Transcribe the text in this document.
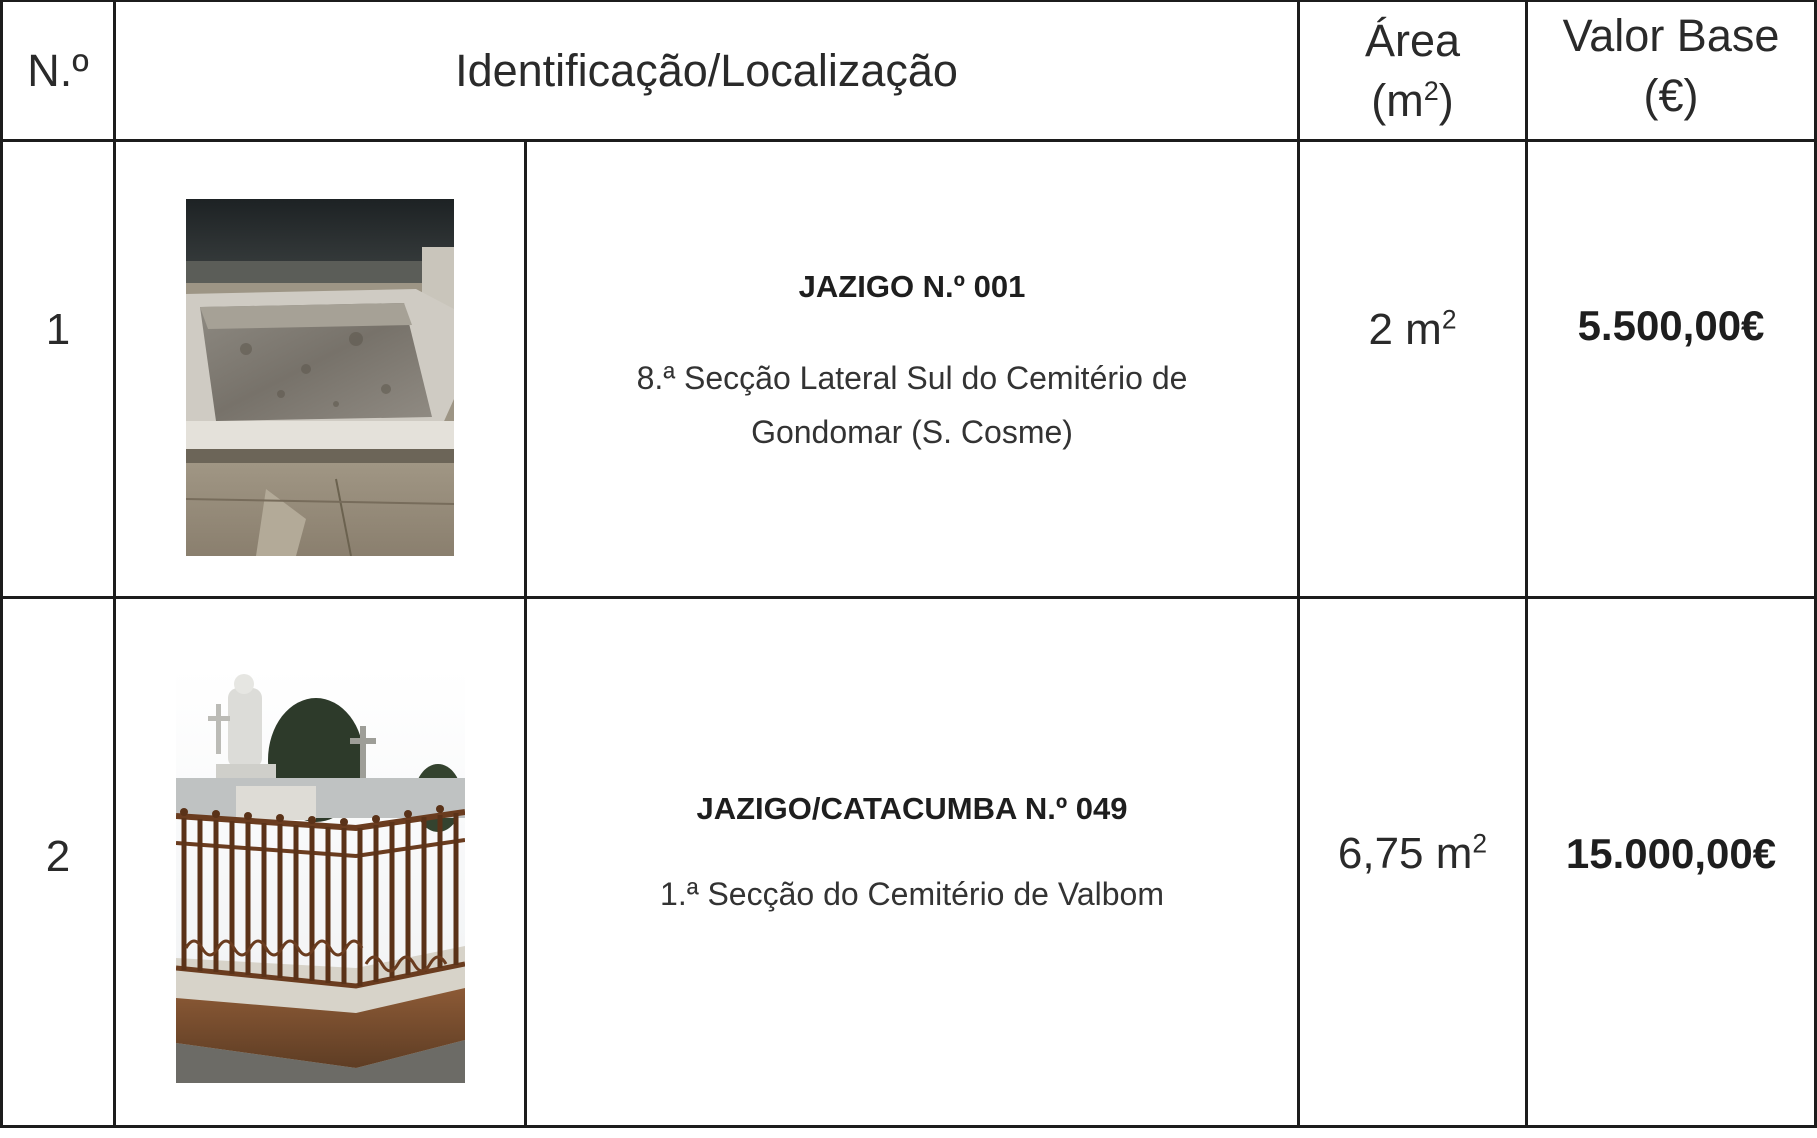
N.º	Identificação/Localização
Área
$(m^2)$
Valor Base
(€)
1
JAZIGO N.º 001
8.ª Secção Lateral Sul do Cemitério de
Gondomar (S. Cosme)
2 $m^2$	5.500,00€
2
JAZIGO/CATACUMBA N.º 049
1.ª Secção do Cemitério de Valbom
6,75 $m^2$ 15.000,00€
